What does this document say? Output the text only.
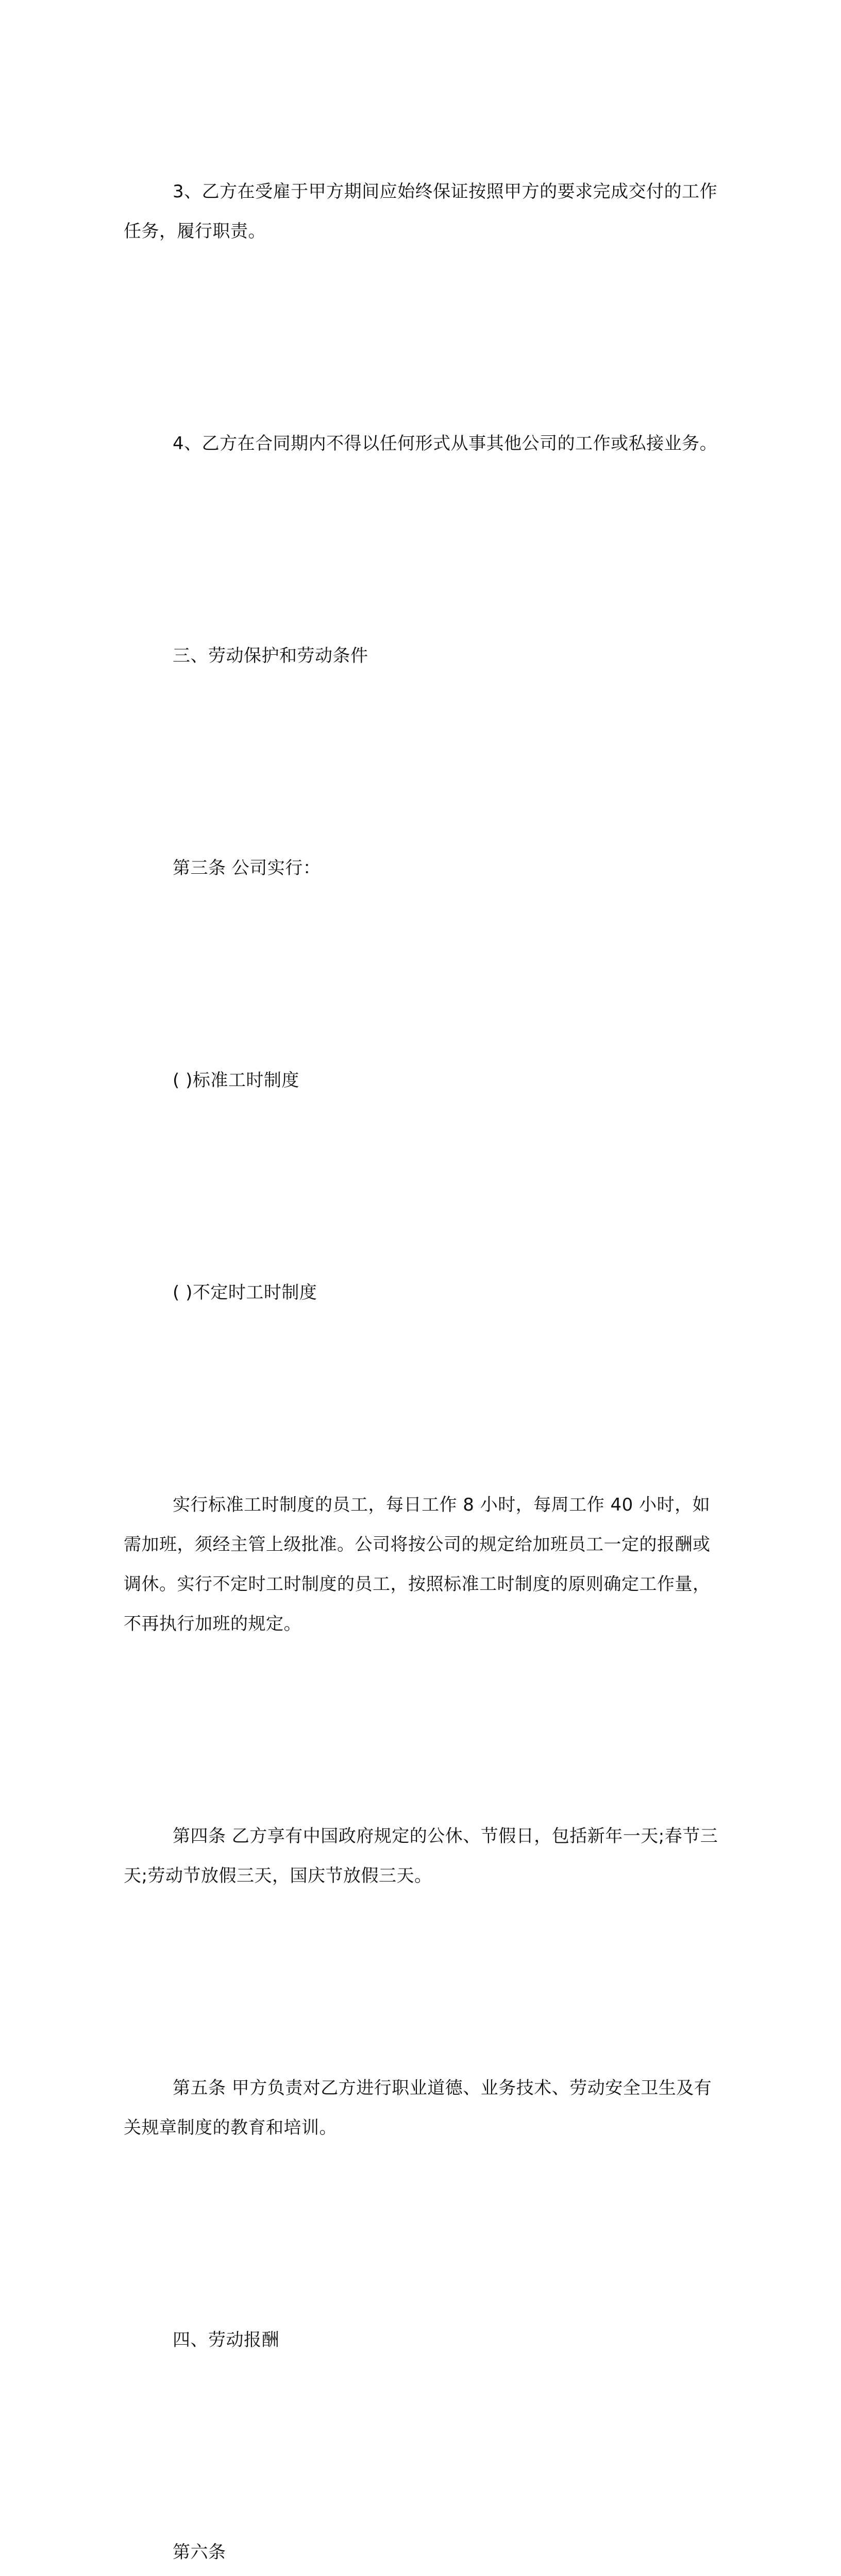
3、乙方在受雇于甲方期间应始终保证按照甲方的要求完成交付的工作任务，履行职责。

4、乙方在合同期内不得以任何形式从事其他公司的工作或私接业务。

三、劳动保护和劳动条件

第三条 公司实行：

( )标准工时制度

( )不定时工时制度

实行标准工时制度的员工，每日工作 8 小时，每周工作 40 小时，如需加班，须经主管上级批准。公司将按公司的规定给加班员工一定的报酬或调休。实行不定时工时制度的员工，按照标准工时制度的原则确定工作量，不再执行加班的规定。

第四条 乙方享有中国政府规定的公休、节假日，包括新年一天;春节三天;劳动节放假三天，国庆节放假三天。

第五条 甲方负责对乙方进行职业道德、业务技术、劳动安全卫生及有关规章制度的教育和培训。

四、劳动报酬

第六条
